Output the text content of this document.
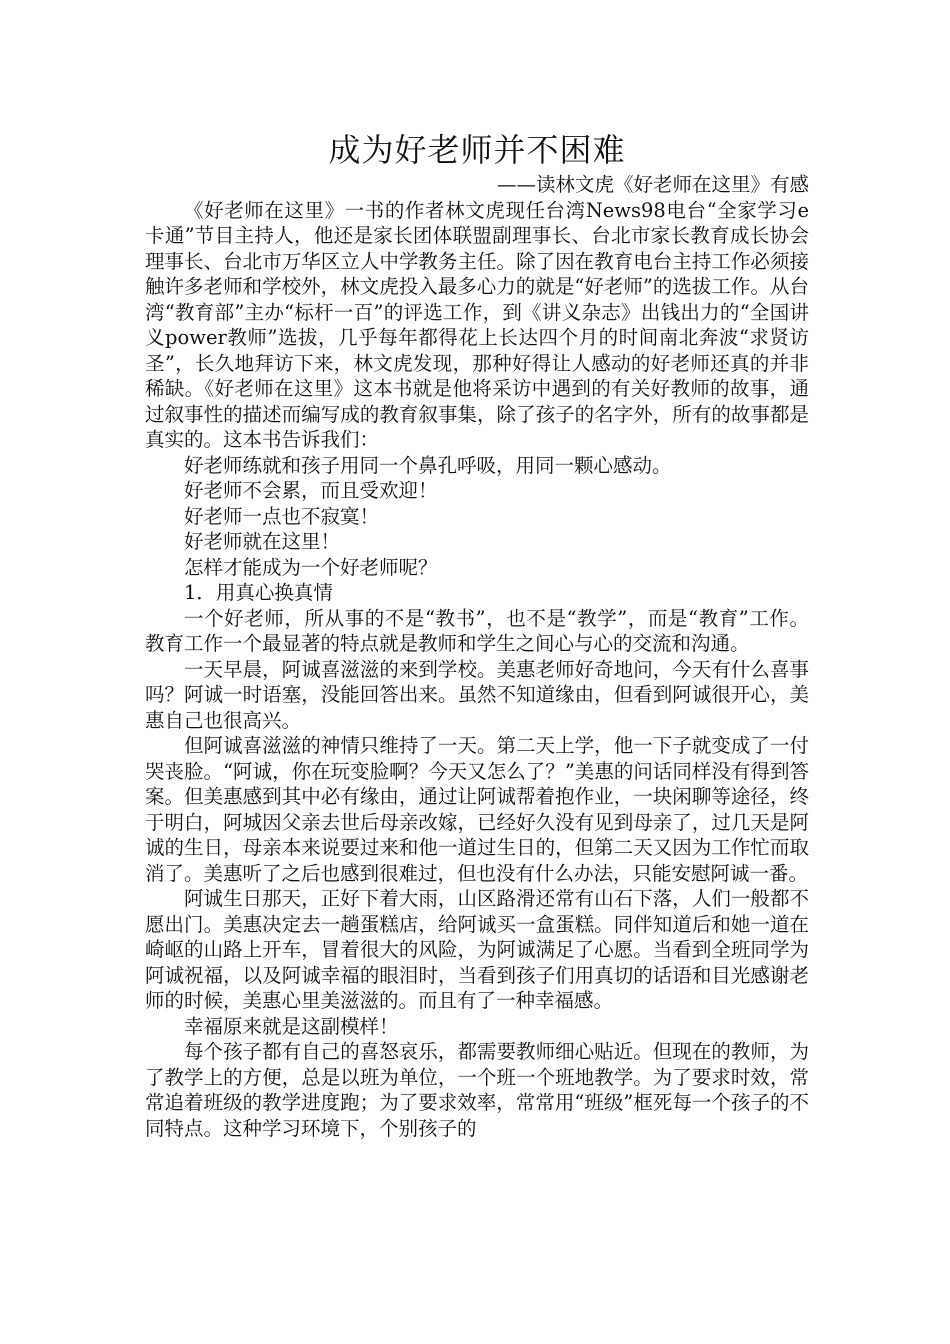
成为好老师并不困难

——读林文虎《好老师在这里》有感

《好老师在这里》一书的作者林文虎现任台湾News98电台“全家学习e卡通”节目主持人，他还是家长团体联盟副理事长、台北市家长教育成长协会理事长、台北市万华区立人中学教务主任。除了因在教育电台主持工作必须接触许多老师和学校外，林文虎投入最多心力的就是“好老师”的选拔工作。从台湾“教育部”主办“标杆一百”的评选工作，到《讲义杂志》出钱出力的“全国讲义power教师”选拔，几乎每年都得花上长达四个月的时间南北奔波“求贤访圣”，长久地拜访下来，林文虎发现，那种好得让人感动的好老师还真的并非稀缺。《好老师在这里》这本书就是他将采访中遇到的有关好教师的故事，通过叙事性的描述而编写成的教育叙事集，除了孩子的名字外，所有的故事都是真实的。这本书告诉我们：

好老师练就和孩子用同一个鼻孔呼吸，用同一颗心感动。

好老师不会累，而且受欢迎！

好老师一点也不寂寞！

好老师就在这里！

怎样才能成为一个好老师呢？

1．用真心换真情

一个好老师，所从事的不是“教书”，也不是“教学”，而是“教育”工作。教育工作一个最显著的特点就是教师和学生之间心与心的交流和沟通。

一天早晨，阿诚喜滋滋的来到学校。美惠老师好奇地问，今天有什么喜事吗？阿诚一时语塞，没能回答出来。虽然不知道缘由，但看到阿诚很开心，美惠自己也很高兴。

但阿诚喜滋滋的神情只维持了一天。第二天上学，他一下子就变成了一付哭丧脸。“阿诚，你在玩变脸啊？今天又怎么了？”美惠的问话同样没有得到答案。但美惠感到其中必有缘由，通过让阿诚帮着抱作业，一块闲聊等途径，终于明白，阿城因父亲去世后母亲改嫁，已经好久没有见到母亲了，过几天是阿诚的生日，母亲本来说要过来和他一道过生日的，但第二天又因为工作忙而取消了。美惠听了之后也感到很难过，但也没有什么办法，只能安慰阿诚一番。

阿诚生日那天，正好下着大雨，山区路滑还常有山石下落，人们一般都不愿出门。美惠决定去一趟蛋糕店，给阿诚买一盒蛋糕。同伴知道后和她一道在崎岖的山路上开车，冒着很大的风险，为阿诚满足了心愿。当看到全班同学为阿诚祝福，以及阿诚幸福的眼泪时，当看到孩子们用真切的话语和目光感谢老师的时候，美惠心里美滋滋的。而且有了一种幸福感。

幸福原来就是这副模样！

每个孩子都有自己的喜怒哀乐，都需要教师细心贴近。但现在的教师，为了教学上的方便，总是以班为单位，一个班一个班地教学。为了要求时效，常常追着班级的教学进度跑；为了要求效率，常常用“班级”框死每一个孩子的不同特点。这种学习环境下，个别孩子的
